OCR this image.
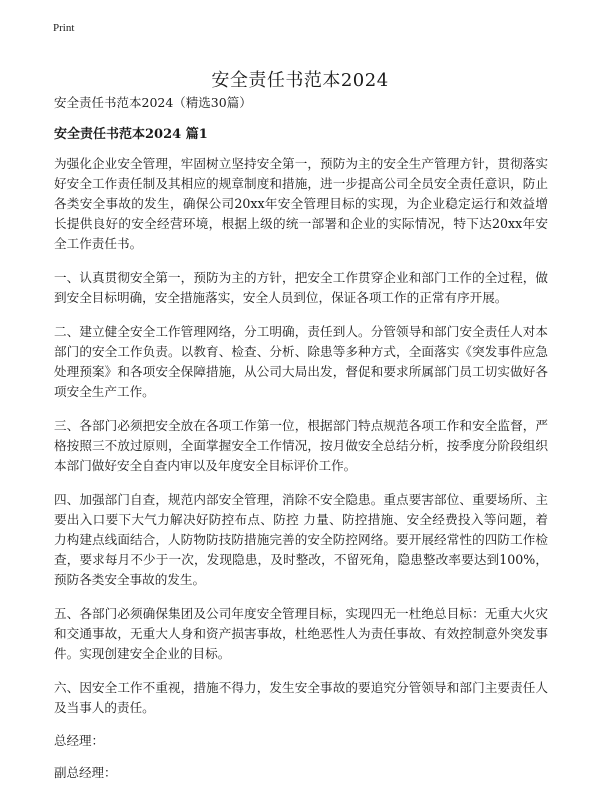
Print
安全责任书范本2024

安全责任书范本2024（精选30篇）

安全责任书范本2024 篇1

为强化企业安全管理，牢固树立坚持安全第一，预防为主的安全生产管理方针，贯彻落实好安全工作责任制及其相应的规章制度和措施，进一步提高公司全员安全责任意识，防止各类安全事故的发生，确保公司20xx年安全管理目标的实现，为企业稳定运行和效益增长提供良好的安全经营环境，根据上级的统一部署和企业的实际情况，特下达20xx年安全工作责任书。

一、认真贯彻安全第一，预防为主的方针，把安全工作贯穿企业和部门工作的全过程，做到安全目标明确，安全措施落实，安全人员到位，保证各项工作的正常有序开展。

二、建立健全安全工作管理网络，分工明确，责任到人。分管领导和部门安全责任人对本部门的安全工作负责。以教育、检查、分析、除患等多种方式，全面落实《突发事件应急处理预案》和各项安全保障措施，从公司大局出发，督促和要求所属部门员工切实做好各项安全生产工作。

三、各部门必须把安全放在各项工作第一位，根据部门特点规范各项工作和安全监督，严格按照三不放过原则，全面掌握安全工作情况，按月做安全总结分析，按季度分阶段组织本部门做好安全自查内审以及年度安全目标评价工作。

四、加强部门自查，规范内部安全管理，消除不安全隐患。重点要害部位、重要场所、主要出入口要下大气力解决好防控布点、防控 力量、防控措施、安全经费投入等问题，着力构建点线面结合，人防物防技防措施完善的安全防控网络。要开展经常性的四防工作检查，要求每月不少于一次，发现隐患，及时整改，不留死角，隐患整改率要达到100%，预防各类安全事故的发生。

五、各部门必须确保集团及公司年度安全管理目标，实现四无一杜绝总目标：无重大火灾和交通事故，无重大人身和资产损害事故，杜绝恶性人为责任事故、有效控制意外突发事件。实现创建安全企业的目标。

六、因安全工作不重视，措施不得力，发生安全事故的要追究分管领导和部门主要责任人及当事人的责任。

总经理：

副总经理：
